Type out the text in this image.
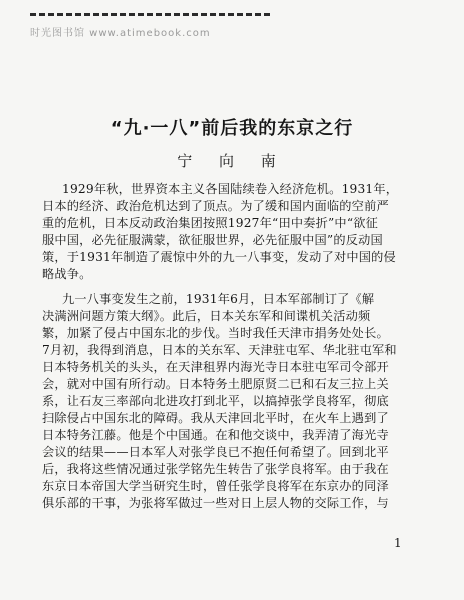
时光图书馆 www.atimebook.com
“九·一八”前后我的东京之行
宁 向 南
1929年秋，世界资本主义各国陆续卷入经济危机。1931年，
日本的经济、政治危机达到了顶点。为了缓和国内面临的空前严
重的危机，日本反动政治集团按照1927年“田中奏折”中“欲征
服中国，必先征服满蒙，欲征服世界，必先征服中国”的反动国
策，于1931年制造了震惊中外的九一八事变，发动了对中国的侵
略战争。
九一八事变发生之前，1931年6月，日本军部制订了《解
决满洲问题方策大纲》。此后，日本关东军和间谍机关活动频
繁，加紧了侵占中国东北的步伐。当时我任天津市捐务处处长。
7月初，我得到消息，日本的关东军、天津驻屯军、华北驻屯军和
日本特务机关的头头，在天津租界内海光寺日本驻屯军司令部开
会，就对中国有所行动。日本特务土肥原贤二已和石友三拉上关
系，让石友三率部向北进攻打到北平，以搞掉张学良将军，彻底
扫除侵占中国东北的障碍。我从天津回北平时，在火车上遇到了
日本特务江藤。他是个中国通。在和他交谈中，我弄清了海光寺
会议的结果——日本军人对张学良已不抱任何希望了。回到北平
后，我将这些情况通过张学铭先生转告了张学良将军。由于我在
东京日本帝国大学当研究生时，曾任张学良将军在东京办的同泽
俱乐部的干事，为张将军做过一些对日上层人物的交际工作，与
1
